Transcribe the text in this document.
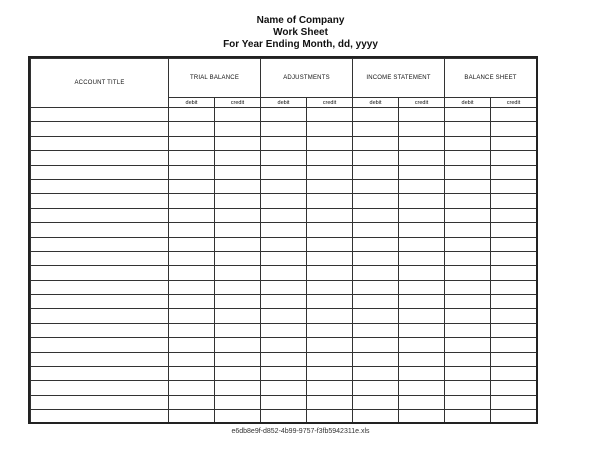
Name of Company
Work Sheet
For Year Ending Month, dd, yyyy
ACCOUNT TITLE	TRIAL BALANCE		ADJUSTMENTS		INCOME STATEMENT		BALANCE SHEET	
	debit	credit	debit	credit	debit	credit	debit	credit

e6db8e9f-d852-4b99-9757-f3fb5942311e.xls
